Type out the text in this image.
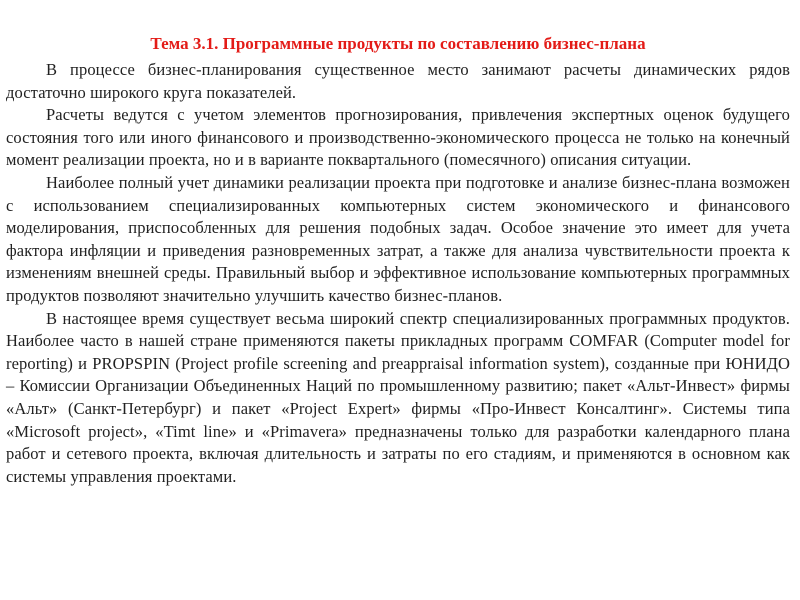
Тема 3.1. Программные продукты по составлению бизнес-плана

В процессе бизнес-планирования существенное место занимают расчеты динамических рядов достаточно широкого круга показателей.

Расчеты ведутся с учетом элементов прогнозирования, привлечения экспертных оценок будущего состояния того или иного финансового и производственно-экономического процесса не только на конечный момент реализации проекта, но и в варианте поквартального (помесячного) описания ситуации.

Наиболее полный учет динамики реализации проекта при подготовке и анализе бизнес-плана возможен с использованием специализированных компьютерных систем экономического и финансового моделирования, приспособленных для решения подобных задач. Особое значение это имеет для учета фактора инфляции и приведения разновременных затрат, а также для анализа чувствительности проекта к изменениям внешней среды. Правильный выбор и эффективное использование компьютерных программных продуктов позволяют значительно улучшить качество бизнес-планов.

В настоящее время существует весьма широкий спектр специализированных программных продуктов. Наиболее часто в нашей стране применяются пакеты прикладных программ COMFAR (Computer model for reporting) и PROPSPIN (Project profile screening and preappraisal information system), созданные при ЮНИДО – Комиссии Организации Объединенных Наций по промышленному развитию; пакет «Альт-Инвест» фирмы «Альт» (Санкт-Петербург) и пакет «Project Expert» фирмы «Про-Инвест Консалтинг». Системы типа «Microsoft project», «Timt line» и «Primavera» предназначены только для разработки календарного плана работ и сетевого проекта, включая длительность и затраты по его стадиям, и применяются в основном как системы управления проектами.
